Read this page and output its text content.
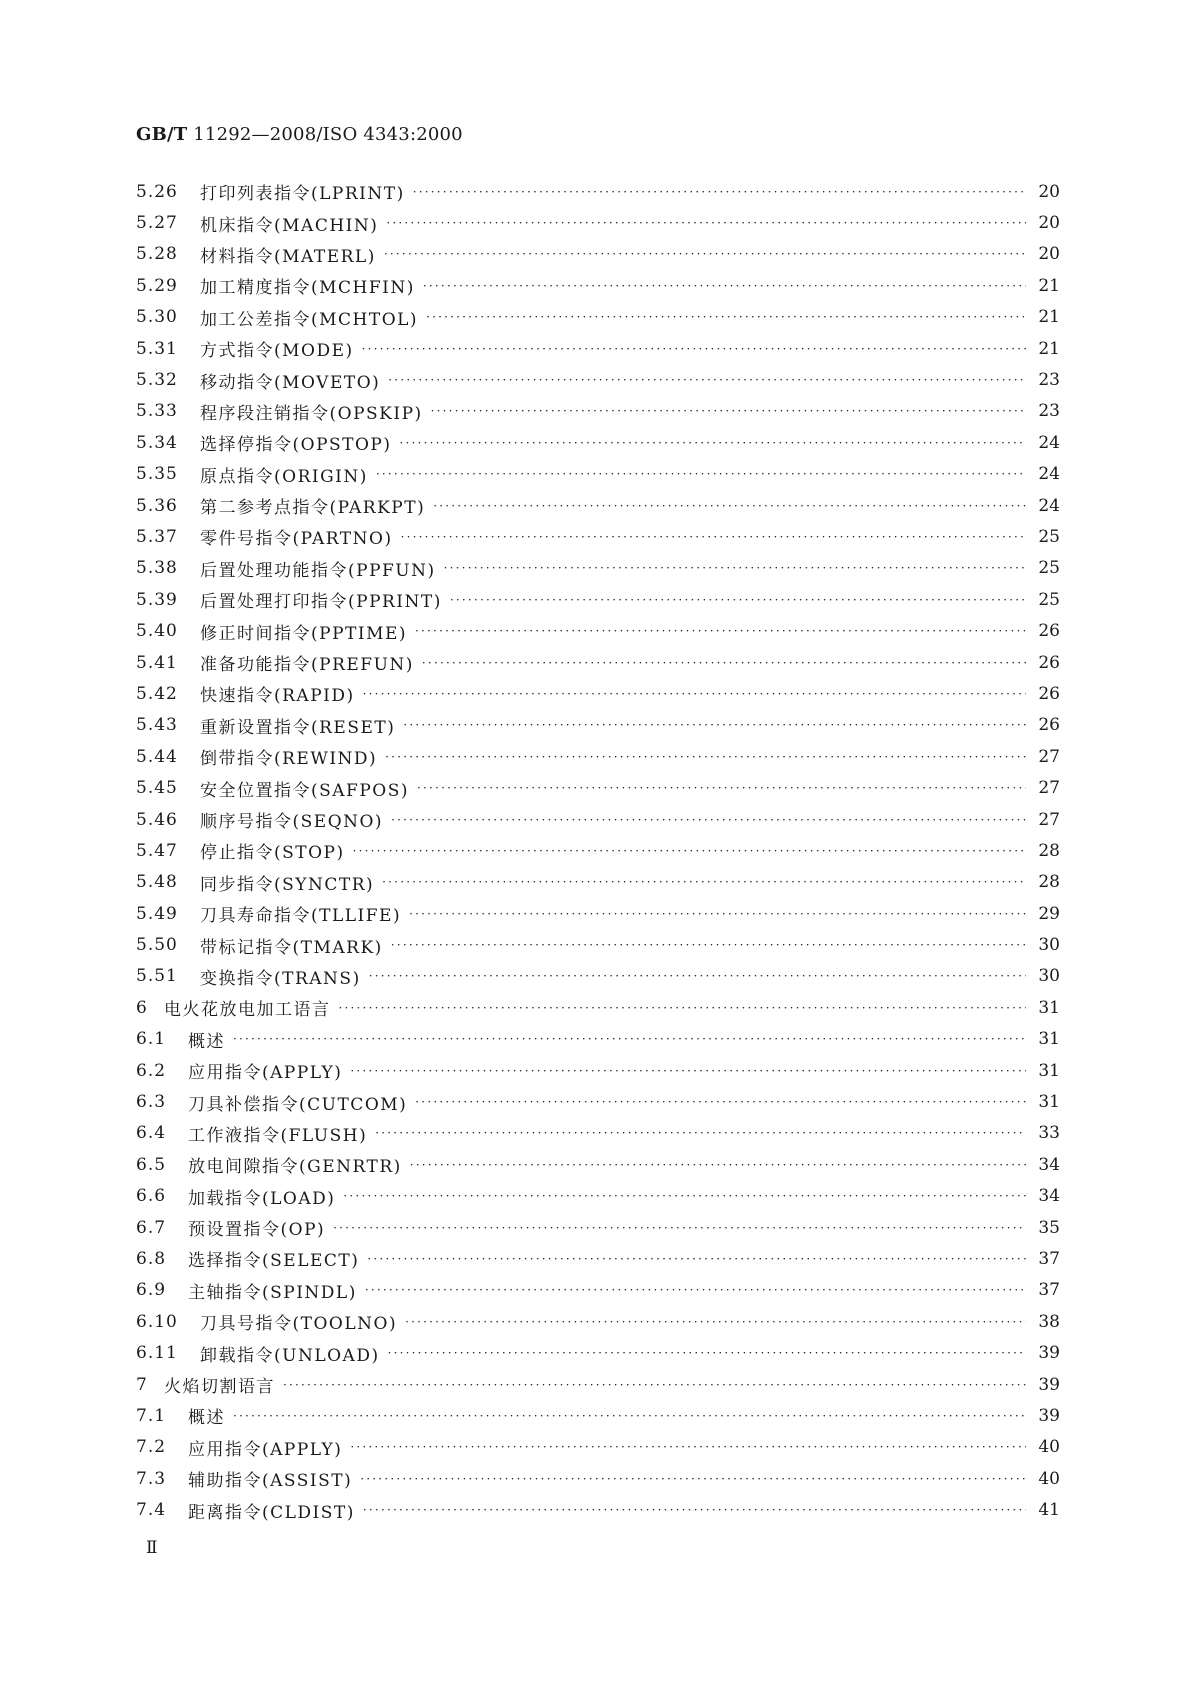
GB/T 11292—2008/ISO 4343:2000
5.26	打印列表指令(LPRINT) ·····	20
5.27	机床指令(MACHIN) ·····	20
5.28	材料指令(MATERL) ·····	20
5.29	加工精度指令(MCHFIN) ·····	21
5.30	加工公差指令(MCHTOL) ·····	21
5.31	方式指令(MODE) ·····	21
5.32	移动指令(MOVETO) ·····	23
5.33	程序段注销指令(OPSKIP) ·····	23
5.34	选择停指令(OPSTOP) ·····	24
5.35	原点指令(ORIGIN) ·····	24
5.36	第二参考点指令(PARKPT) ·····	24
5.37	零件号指令(PARTNO) ·····	25
5.38	后置处理功能指令(PPFUN) ·····	25
5.39	后置处理打印指令(PPRINT) ·····	25
5.40	修正时间指令(PPTIME) ·····	26
5.41	准备功能指令(PREFUN) ·····	26
5.42	快速指令(RAPID) ·····	26
5.43	重新设置指令(RESET) ·····	26
5.44	倒带指令(REWIND) ·····	27
5.45	安全位置指令(SAFPOS) ·····	27
5.46	顺序号指令(SEQNO) ·····	27
5.47	停止指令(STOP) ·····	28
5.48	同步指令(SYNCTR) ·····	28
5.49	刀具寿命指令(TLLIFE) ·····	29
5.50	带标记指令(TMARK) ·····	30
5.51	变换指令(TRANS) ·····	30
6 电火花放电加工语言 ·····	31
6.1	概述 ·····	31
6.2	应用指令(APPLY) ·····	31
6.3	刀具补偿指令(CUTCOM) ·····	31
6.4	工作液指令(FLUSH) ·····	33
6.5	放电间隙指令(GENRTR) ·····	34
6.6	加载指令(LOAD) ·····	34
6.7	预设置指令(OP) ·····	35
6.8	选择指令(SELECT) ·····	37
6.9	主轴指令(SPINDL) ·····	37
6.10	刀具号指令(TOOLNO) ·····	38
6.11	卸载指令(UNLOAD) ·····	39
7 火焰切割语言 ·····	39
7.1	概述 ·····	39
7.2	应用指令(APPLY) ·····	40
7.3	辅助指令(ASSIST) ·····	40
7.4	距离指令(CLDIST) ·····	41
Ⅱ
